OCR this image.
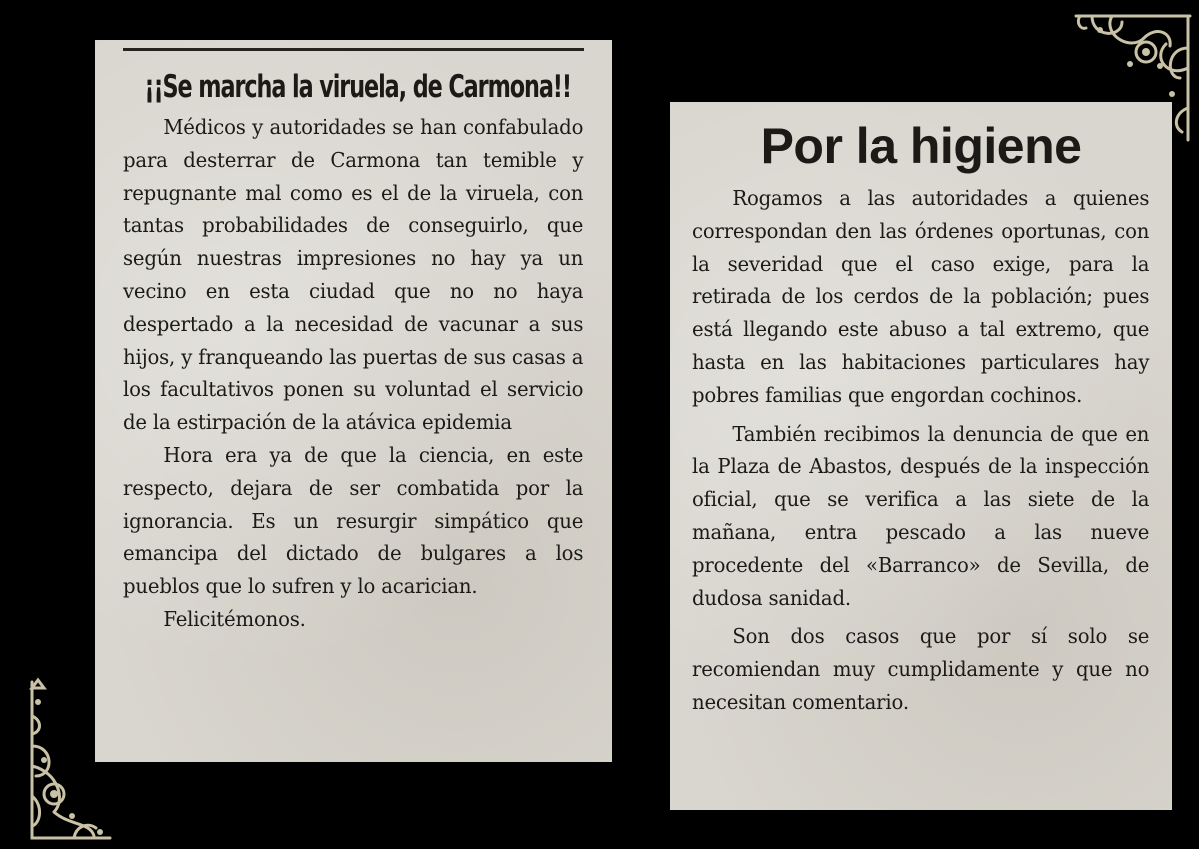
¡¡Se marcha la viruela, de Carmona!!

Médicos y autoridades se han confabulado para desterrar de Carmona tan temible y repugnante mal como es el de la viruela, con tantas probabilidades de conseguirlo, que según nuestras impresiones no hay ya un vecino en esta ciudad que no no haya despertado a la necesidad de vacunar a sus hijos, y franqueando las puertas de sus casas a los facultativos ponen su voluntad el servicio de la estirpación de la atávica epidemia

Hora era ya de que la ciencia, en este respecto, dejara de ser combatida por la ignorancia. Es un resurgir simpático que emancipa del dictado de bulgares a los pueblos que lo sufren y lo acarician.

Felicitémonos.

Por la higiene

Rogamos a las autoridades a quienes correspondan den las órdenes oportunas, con la severidad que el caso exige, para la retirada de los cerdos de la población; pues está llegando este abuso a tal extremo, que hasta en las habitaciones particulares hay pobres familias que engordan cochinos.

También recibimos la denuncia de que en la Plaza de Abastos, después de la inspección oficial, que se verifica a las siete de la mañana, entra pescado a las nueve procedente del «Barranco» de Sevilla, de dudosa sanidad.

Son dos casos que por sí solo se recomiendan muy cumplidamente y que no necesitan comentario.
